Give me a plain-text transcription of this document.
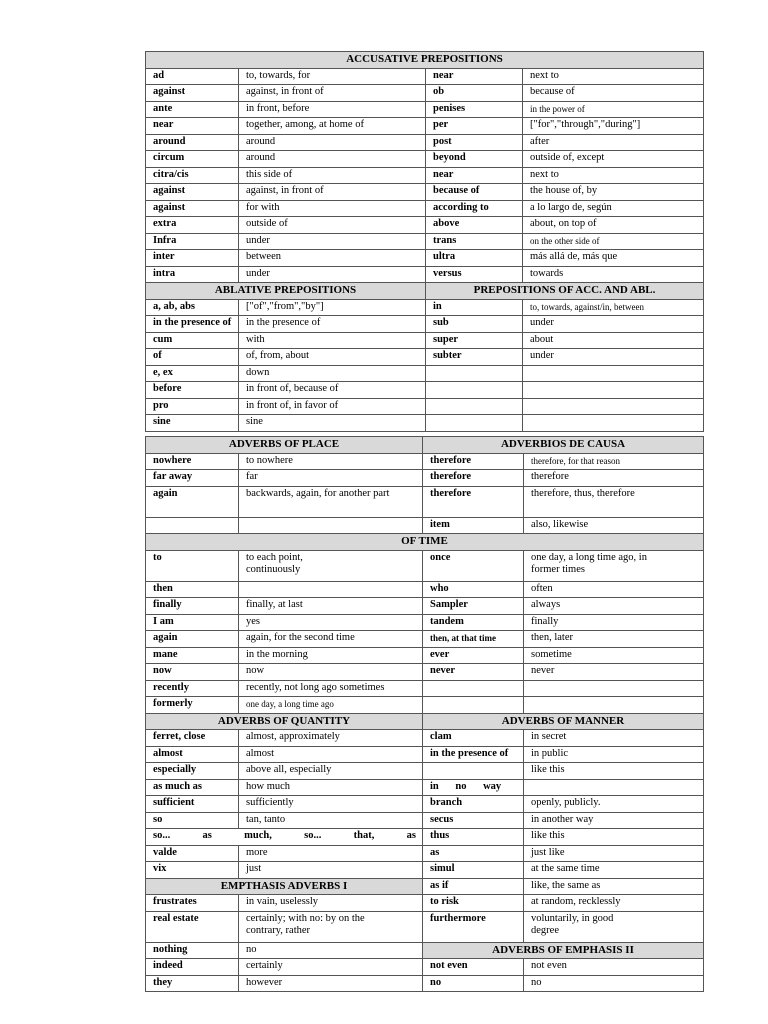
ACCUSATIVE PREPOSITIONS			
ad	to, towards, for	near	next to
against	against, in front of	ob	because of
ante	in front, before	penises	in the power of
near	together, among, at home of	per	["for","through","during"]
around	around	post	after
circum	around	beyond	outside of, except
citra/cis	this side of	near	next to
against	against, in front of	because of	the house of, by
against	for with	according to	a lo largo de, según
extra	outside of	above	about, on top of
Infra	under	trans	on the other side of
inter	between	ultra	más allá de, más que
intra	under	versus	towards
ABLATIVE PREPOSITIONS		PREPOSITIONS OF ACC. AND ABL.	
a, ab, abs	["of","from","by"]	in	to, towards, against/in, between
in the presence of	in the presence of	sub	under
cum	with	super	about
of	of, from, about	subter	under
e, ex	down		
before	in front of, because of		
pro	in front of, in favor of		
sine	sine		
ADVERBS OF PLACE		ADVERBIOS DE CAUSA	
nowhere	to nowhere	therefore	therefore, for that reason
far away	far	therefore	therefore
again	backwards, again, for another part	therefore	therefore, thus, therefore
		item	also, likewise
OF TIME			
to	to each point, continuously	once	one day, a long time ago, in former times
then		who	often
finally	finally, at last	Sampler	always
I am	yes	tandem	finally
again	again, for the second time	then, at that time	then, later
mane	in the morning	ever	sometime
now	now	never	never
recently	recently, not long ago sometimes		
formerly	one day, a long time ago		
ADVERBS OF QUANTITY		ADVERBS OF MANNER	
ferret, close	almost, approximately	clam	in secret
almost	almost	in the presence of	in public
especially	above all, especially		like this
as much as	how much	in no way	
sufficient	sufficiently	branch	openly, publicly.
so	tan, tanto	secus	in another way
so... as much, so... that, as		thus	like this
valde	more	as	just like
vix	just	simul	at the same time
EMPTHASIS ADVERBS I		as if	like, the same as
frustrates	in vain, uselessly	to risk	at random, recklessly
real estate	certainly; with no: by on the contrary, rather	furthermore	voluntarily, in good degree
nothing	no	ADVERBS OF EMPHASIS II	
indeed	certainly	not even	not even
they	however	no	no
